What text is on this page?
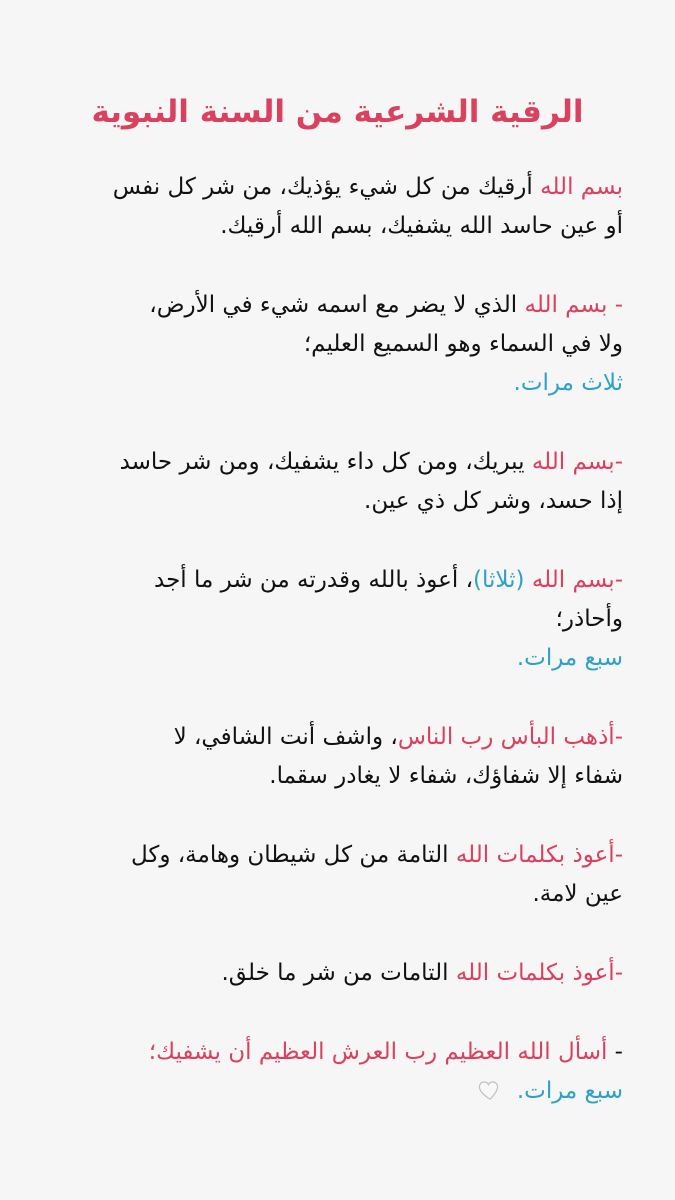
الرقية الشرعية من السنة النبوية
بسم الله أرقيك من كل شيء يؤذيك، من شر كل نفس
أو عين حاسد الله يشفيك، بسم الله أرقيك.
- بسم الله الذي لا يضر مع اسمه شيء في الأرض،
ولا في السماء وهو السميع العليم؛
ثلاث مرات.
-بسم الله يبريك، ومن كل داء يشفيك، ومن شر حاسد
إذا حسد، وشر كل ذي عين.
-بسم الله (ثلاثا)، أعوذ بالله وقدرته من شر ما أجد
وأحاذر؛
سبع مرات.
-أذهب البأس رب الناس، واشف أنت الشافي، لا
شفاء إلا شفاؤك، شفاء لا يغادر سقما.
-أعوذ بكلمات الله التامة من كل شيطان وهامة، وكل
عين لامة.
-أعوذ بكلمات الله التامات من شر ما خلق.
- أسأل الله العظيم رب العرش العظيم أن يشفيك؛
سبع مرات.
